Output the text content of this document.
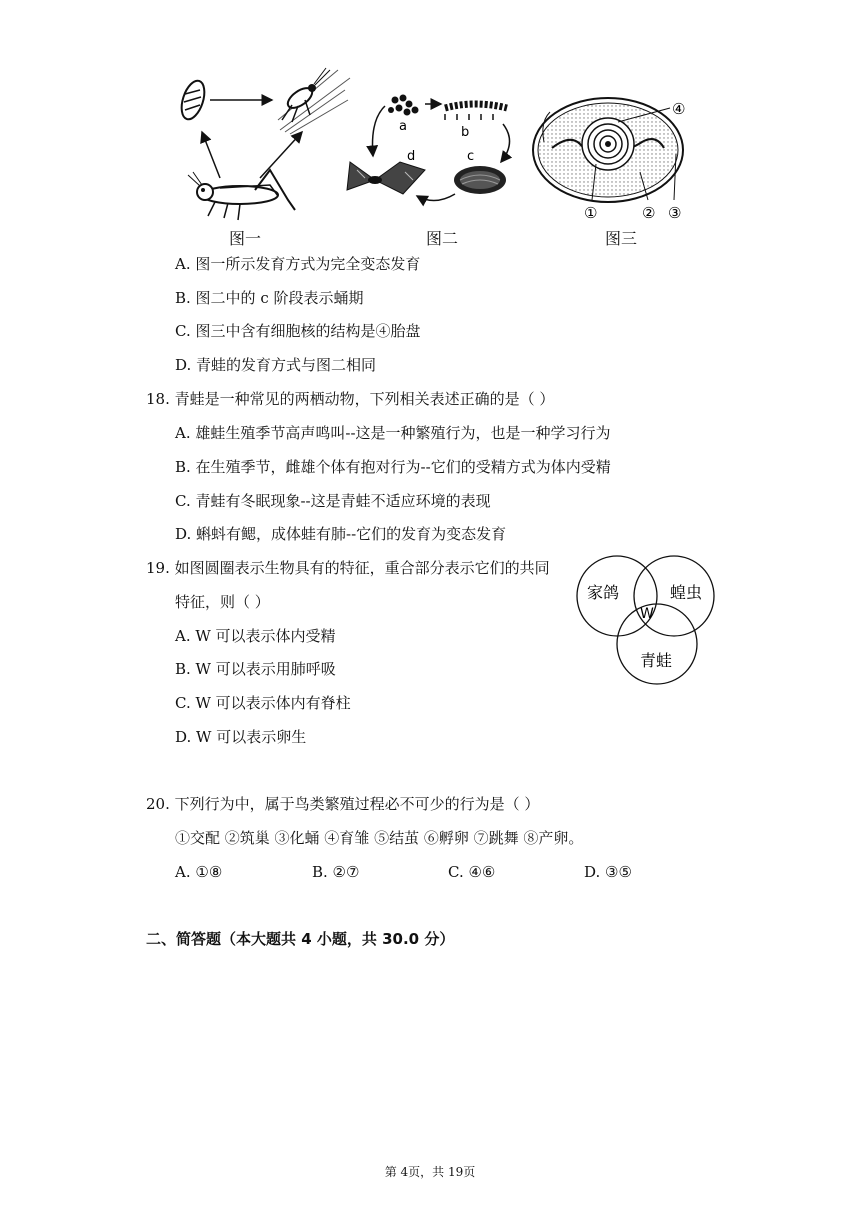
a	b
c
d
④
①	② ③
图一	图二	图三
A. 图一所示发育方式为完全变态发育
B. 图二中的 c 阶段表示蛹期
C. 图三中含有细胞核的结构是④胎盘
D. 青蛙的发育方式与图二相同
18. 青蛙是一种常见的两栖动物，下列相关表述正确的是（ ）
A. 雄蛙生殖季节高声鸣叫--这是一种繁殖行为，也是一种学习行为
B. 在生殖季节，雌雄个体有抱对行为--它们的受精方式为体内受精
C. 青蛙有冬眠现象--这是青蛙不适应环境的表现
D. 蝌蚪有鳃，成体蛙有肺--它们的发育为变态发育
19. 如图圆圈表示生物具有的特征，重合部分表示它们的共同
特征，则（ ）
A. W 可以表示体内受精
B. W 可以表示用肺呼吸
C. W 可以表示体内有脊柱
D. W 可以表示卵生
家鸽	蝗虫
青蛙
W
20. 下列行为中，属于鸟类繁殖过程必不可少的行为是（ ）
①交配 ②筑巢 ③化蛹 ④育雏 ⑤结茧 ⑥孵卵 ⑦跳舞 ⑧产卵。
A. ①⑧	B. ②⑦	C. ④⑥	D. ③⑤
二、简答题（本大题共 4 小题，共 30.0 分）
第 4页，共 19页
